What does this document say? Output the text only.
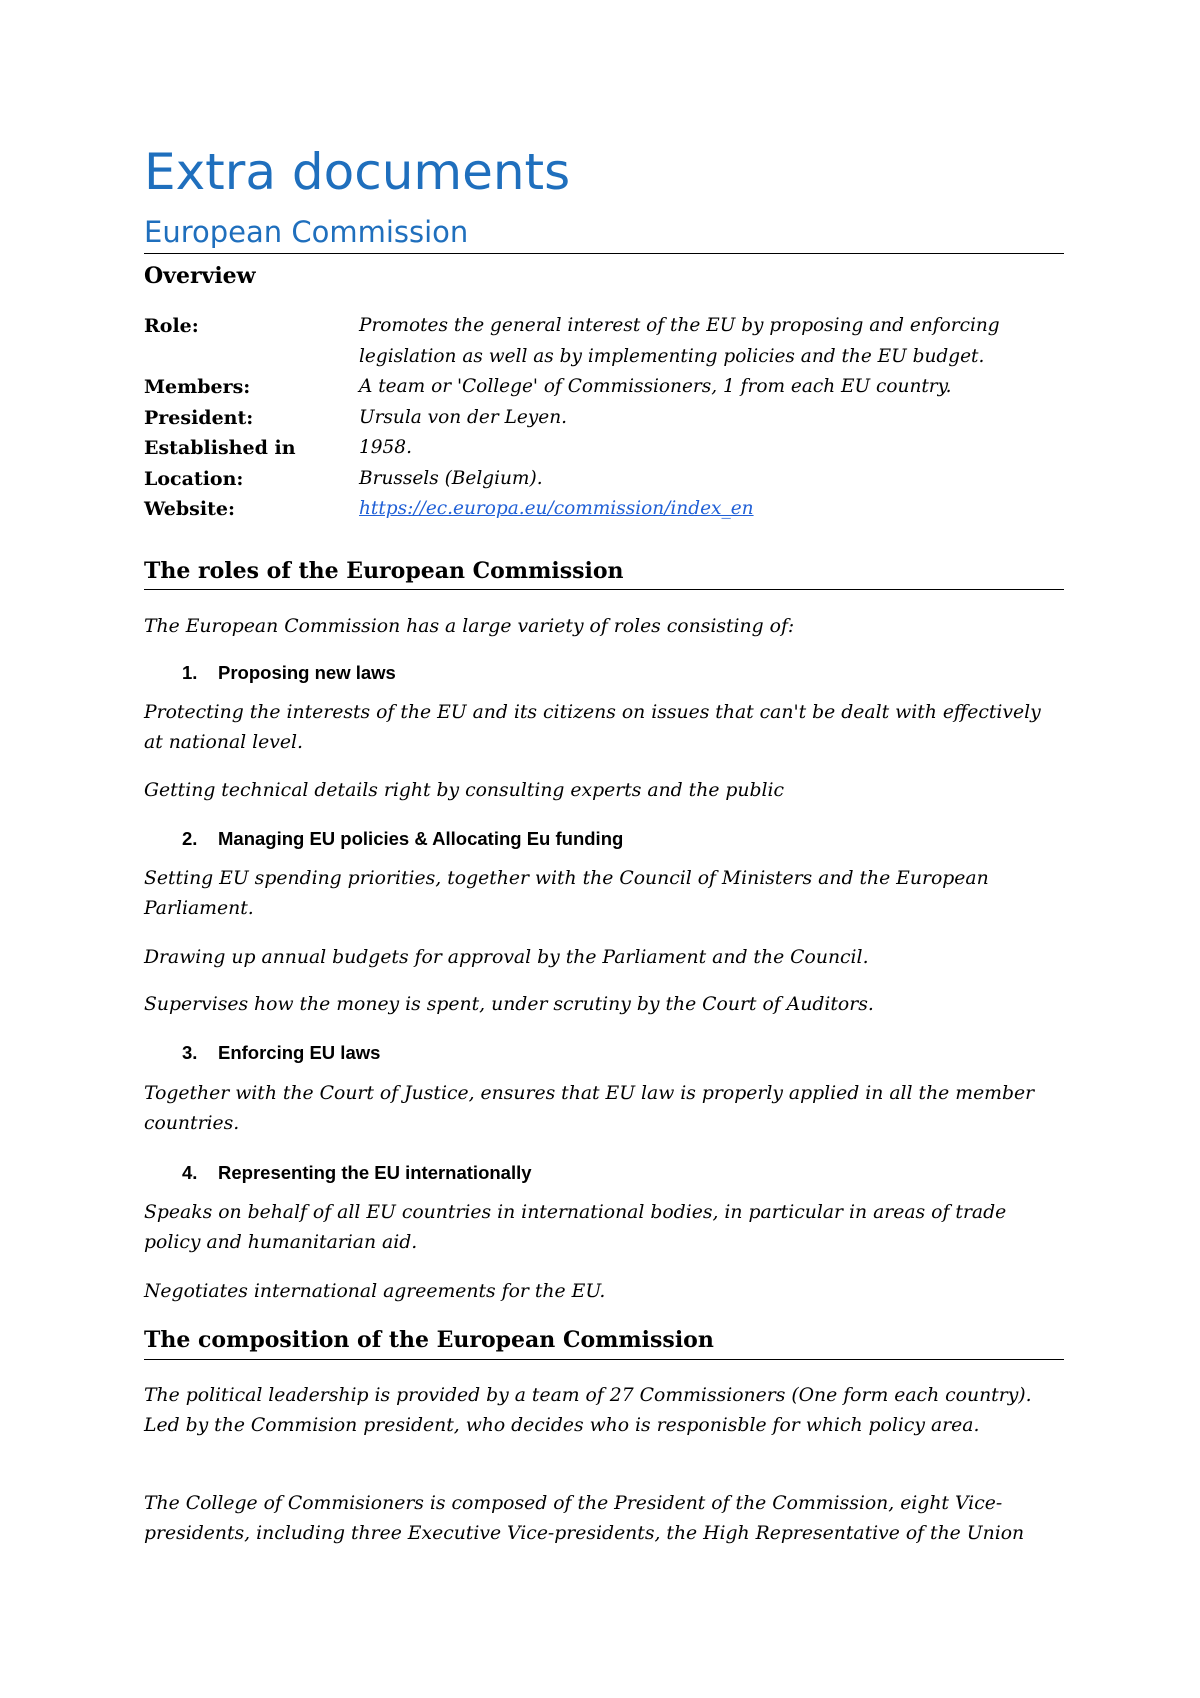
Extra documents
European Commission
Overview
Role:	Promotes the general interest of the EU by proposing and enforcing legislation as well as by implementing policies and the EU budget.
Members:	A team or 'College' of Commissioners, 1 from each EU country.
President:	Ursula von der Leyen.
Established in	1958.
Location:	Brussels (Belgium).
Website:	https://ec.europa.eu/commission/index_en
The roles of the European Commission
The European Commission has a large variety of roles consisting of:
1. Proposing new laws
Protecting the interests of the EU and its citizens on issues that can't be dealt with effectively at national level.
Getting technical details right by consulting experts and the public
2. Managing EU policies & Allocating Eu funding
Setting EU spending priorities, together with the Council of Ministers and the European Parliament.
Drawing up annual budgets for approval by the Parliament and the Council.
Supervises how the money is spent, under scrutiny by the Court of Auditors.
3. Enforcing EU laws
Together with the Court of Justice, ensures that EU law is properly applied in all the member countries.
4. Representing the EU internationally
Speaks on behalf of all EU countries in international bodies, in particular in areas of trade policy and humanitarian aid.
Negotiates international agreements for the EU.
The composition of the European Commission
The political leadership is provided by a team of 27 Commissioners (One form each country). Led by the Commision president, who decides who is responisble for which policy area.
The College of Commisioners is composed of the President of the Commission, eight Vice-presidents, including three Executive Vice-presidents, the High Representative of the Union
